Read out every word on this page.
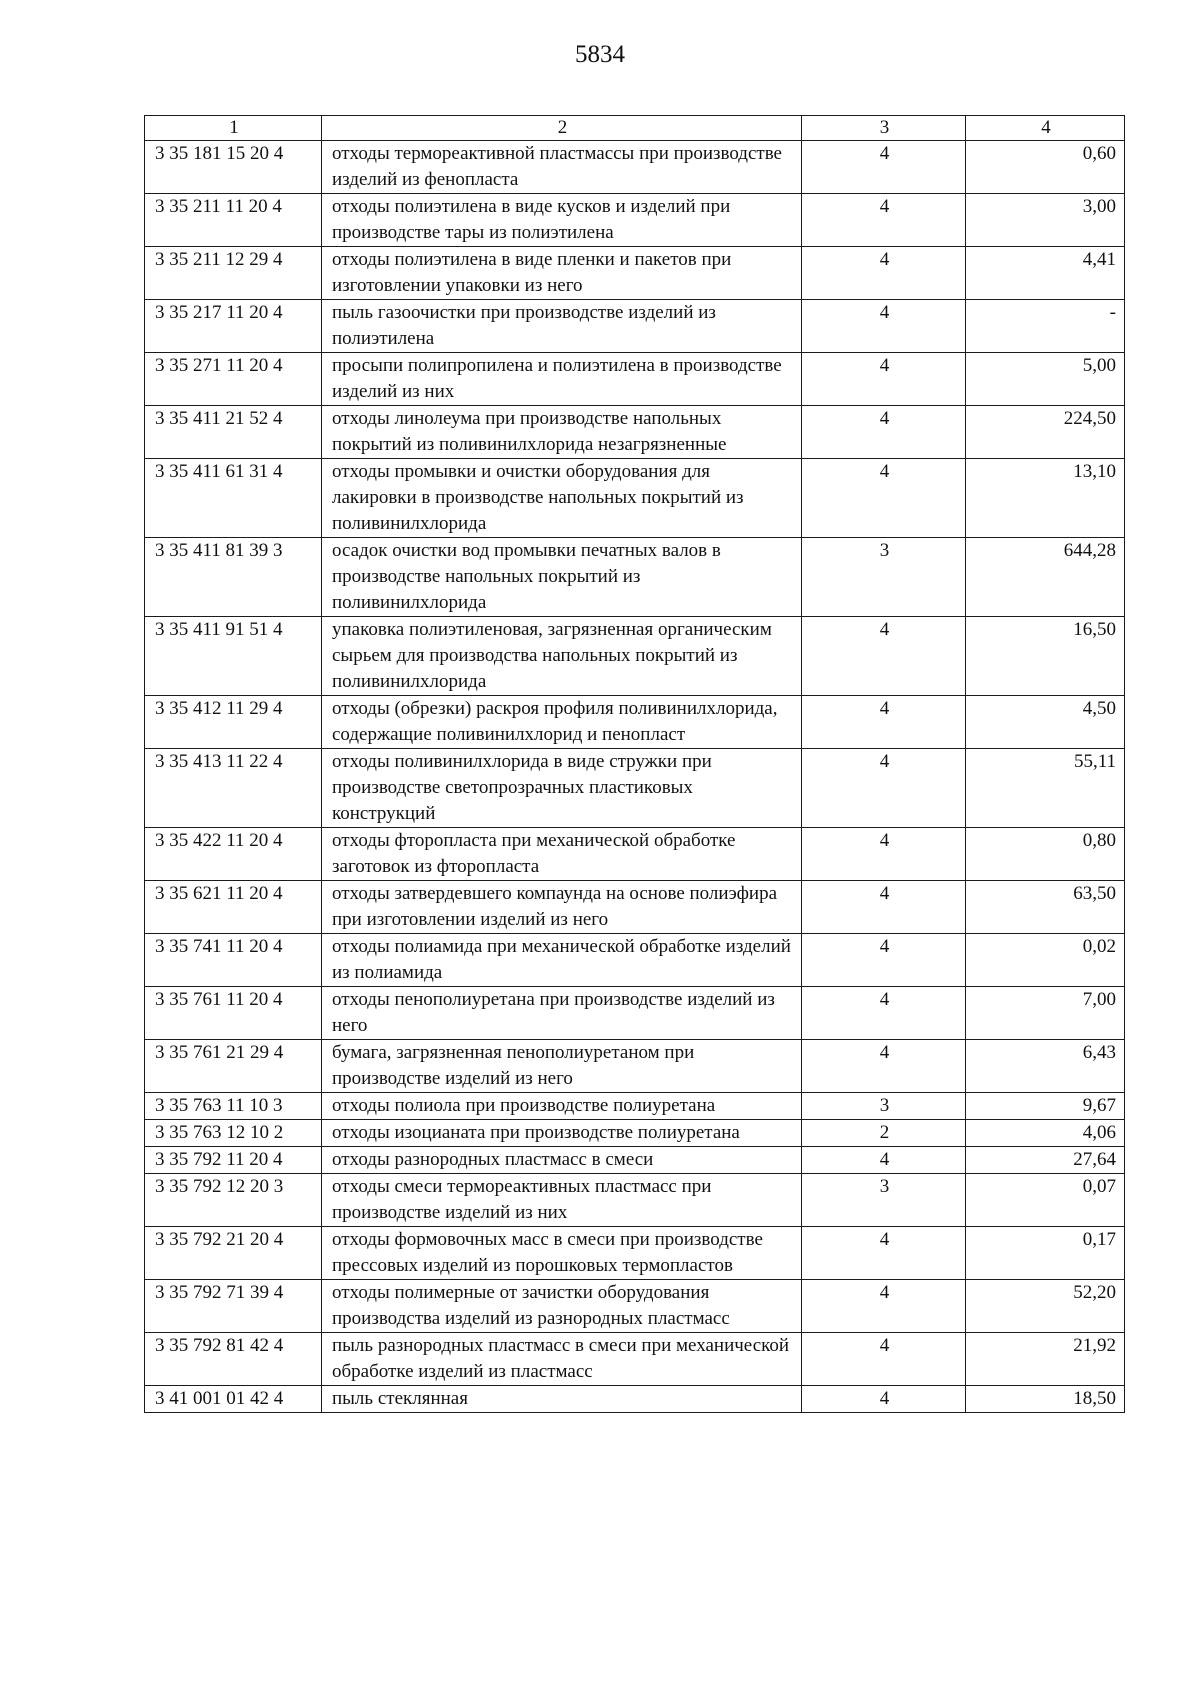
5834
1	2	3	4
3 35 181 15 20 4	отходы термореактивной пластмассы при производстве изделий из фенопласта	4	0,60
3 35 211 11 20 4	отходы полиэтилена в виде кусков и изделий при производстве тары из полиэтилена	4	3,00
3 35 211 12 29 4	отходы полиэтилена в виде пленки и пакетов при изготовлении упаковки из него	4	4,41
3 35 217 11 20 4	пыль газоочистки при производстве изделий из полиэтилена	4	-
3 35 271 11 20 4	просыпи полипропилена и полиэтилена в производстве изделий из них	4	5,00
3 35 411 21 52 4	отходы линолеума при производстве напольных покрытий из поливинилхлорида незагрязненные	4	224,50
3 35 411 61 31 4	отходы промывки и очистки оборудования для лакировки в производстве напольных покрытий из поливинилхлорида	4	13,10
3 35 411 81 39 3	осадок очистки вод промывки печатных валов в производстве напольных покрытий из поливинилхлорида	3	644,28
3 35 411 91 51 4	упаковка полиэтиленовая, загрязненная органическим сырьем для производства напольных покрытий из поливинилхлорида	4	16,50
3 35 412 11 29 4	отходы (обрезки) раскроя профиля поливинилхлорида, содержащие поливинилхлорид и пенопласт	4	4,50
3 35 413 11 22 4	отходы поливинилхлорида в виде стружки при производстве светопрозрачных пластиковых конструкций	4	55,11
3 35 422 11 20 4	отходы фторопласта при механической обработке заготовок из фторопласта	4	0,80
3 35 621 11 20 4	отходы затвердевшего компаунда на основе полиэфира при изготовлении изделий из него	4	63,50
3 35 741 11 20 4	отходы полиамида при механической обработке изделий из полиамида	4	0,02
3 35 761 11 20 4	отходы пенополиуретана при производстве изделий из него	4	7,00
3 35 761 21 29 4	бумага, загрязненная пенополиуретаном при производстве изделий из него	4	6,43
3 35 763 11 10 3	отходы полиола при производстве полиуретана	3	9,67
3 35 763 12 10 2	отходы изоцианата при производстве полиуретана	2	4,06
3 35 792 11 20 4	отходы разнородных пластмасс в смеси	4	27,64
3 35 792 12 20 3	отходы смеси термореактивных пластмасс при производстве изделий из них	3	0,07
3 35 792 21 20 4	отходы формовочных масс в смеси при производстве прессовых изделий из порошковых термопластов	4	0,17
3 35 792 71 39 4	отходы полимерные от зачистки оборудования производства изделий из разнородных пластмасс	4	52,20
3 35 792 81 42 4	пыль разнородных пластмасс в смеси при механической обработке изделий из пластмасс	4	21,92
3 41 001 01 42 4	пыль стеклянная	4	18,50
